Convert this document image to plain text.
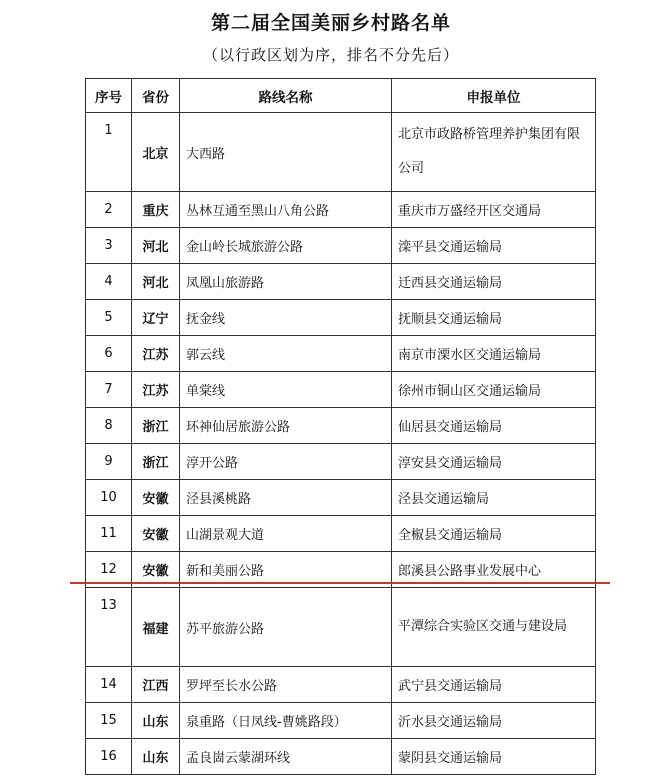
第二届全国美丽乡村路名单
（以行政区划为序，排名不分先后）
序号	省份	路线名称	申报单位
1	北京	大西路	北京市政路桥管理养护集团有限公司
2	重庆	丛林互通至黑山八角公路	重庆市万盛经开区交通局
3	河北	金山岭长城旅游公路	滦平县交通运输局
4	河北	凤凰山旅游路	迁西县交通运输局
5	辽宁	抚金线	抚顺县交通运输局
6	江苏	郭云线	南京市溧水区交通运输局
7	江苏	单棠线	徐州市铜山区交通运输局
8	浙江	环神仙居旅游公路	仙居县交通运输局
9	浙江	淳开公路	淳安县交通运输局
10	安徽	泾县溪桃路	泾县交通运输局
11	安徽	山湖景观大道	全椒县交通运输局
12	安徽	新和美丽公路	郎溪县公路事业发展中心
13	福建	苏平旅游公路	平潭综合实验区交通与建设局
14	江西	罗坪至长水公路	武宁县交通运输局
15	山东	泉重路（日凤线-曹姚路段）	沂水县交通运输局
16	山东	孟良崮云蒙湖环线	蒙阴县交通运输局
